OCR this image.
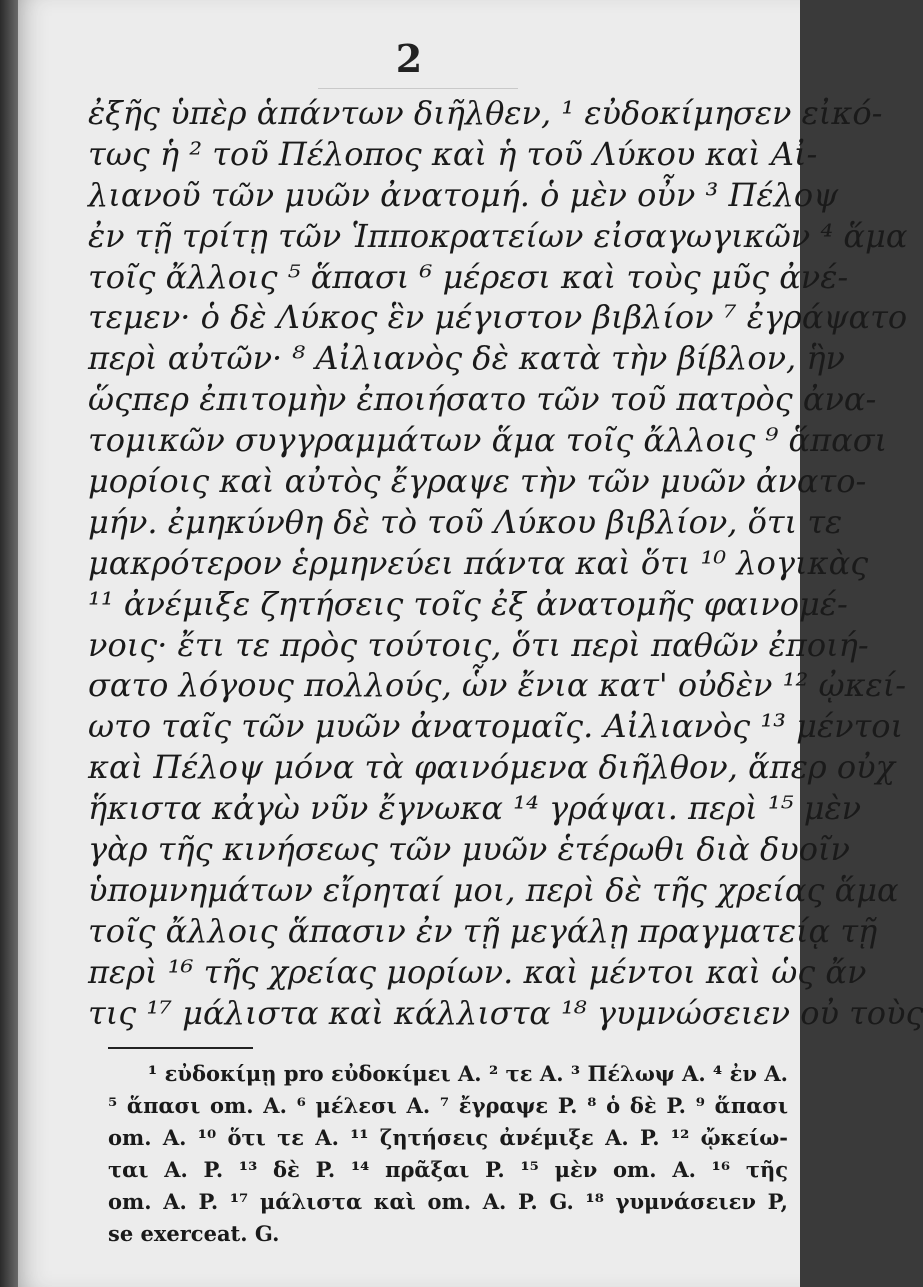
2
ἐξῆς ὑπὲρ ἁπάντων διῆλθεν, ¹ εὐδοκίμησεν εἰκό-
τως ἡ ² τοῦ Πέλοπος καὶ ἡ τοῦ Λύκου καὶ Αἰ-
λιανοῦ τῶν μυῶν ἀνατομή. ὁ μὲν οὖν ³ Πέλοψ
ἐν τῇ τρίτῃ τῶν Ἱπποκρατείων εἰσαγωγικῶν ⁴ ἅμα
τοῖς ἄλλοις ⁵ ἅπασι ⁶ μέρεσι καὶ τοὺς μῦς ἀνέ-
τεμεν· ὁ δὲ Λύκος ἓν μέγιστον βιβλίον ⁷ ἐγράψατο
περὶ αὐτῶν· ⁸ Αἰλιανὸς δὲ κατὰ τὴν βίβλον, ἣν
ὥςπερ ἐπιτομὴν ἐποιήσατο τῶν τοῦ πατρὸς ἀνα-
τομικῶν συγγραμμάτων ἅμα τοῖς ἄλλοις ⁹ ἅπασι
μορίοις καὶ αὐτὸς ἔγραψε τὴν τῶν μυῶν ἀνατο-
μήν. ἐμηκύνθη δὲ τὸ τοῦ Λύκου βιβλίον, ὅτι τε
μακρότερον ἑρμηνεύει πάντα καὶ ὅτι ¹⁰ λογικὰς
¹¹ ἀνέμιξε ζητήσεις τοῖς ἐξ ἀνατομῆς φαινομέ-
νοις· ἔτι τε πρὸς τούτοις, ὅτι περὶ παθῶν ἐποιή-
σατο λόγους πολλούς, ὧν ἔνια κατ' οὐδὲν ¹² ᾠκεί-
ωτο ταῖς τῶν μυῶν ἀνατομαῖς. Αἰλιανὸς ¹³ μέντοι
καὶ Πέλοψ μόνα τὰ φαινόμενα διῆλθον, ἅπερ οὐχ
ἥκιστα κἀγὼ νῦν ἔγνωκα ¹⁴ γράψαι. περὶ ¹⁵ μὲν
γὰρ τῆς κινήσεως τῶν μυῶν ἑτέρωθι διὰ δυοῖν
ὑπομνημάτων εἴρηταί μοι, περὶ δὲ τῆς χρείας ἅμα
τοῖς ἄλλοις ἅπασιν ἐν τῇ μεγάλῃ πραγματείᾳ τῇ
περὶ ¹⁶ τῆς χρείας μορίων. καὶ μέντοι καὶ ὡς ἄν
τις ¹⁷ μάλιστα καὶ κάλλιστα ¹⁸ γυμνώσειεν οὐ τοὺς
¹ εὐδοκίμῃ pro εὐδοκίμει A. ² τε A. ³ Πέλωψ A. ⁴ ἐν A.
⁵ ἅπασι om. A. ⁶ μέλεσι A. ⁷ ἔγραψε P. ⁸ ὁ δὲ P. ⁹ ἅπασι
om. A. ¹⁰ ὅτι τε A. ¹¹ ζητήσεις ἀνέμιξε A. P. ¹² ᾤκείω-
ται A. P. ¹³ δὲ P. ¹⁴ πρᾶξαι P. ¹⁵ μὲν om. A. ¹⁶ τῆς
om. A. P. ¹⁷ μάλιστα καὶ om. A. P. G. ¹⁸ γυμνάσειεν P,
se exerceat. G.
